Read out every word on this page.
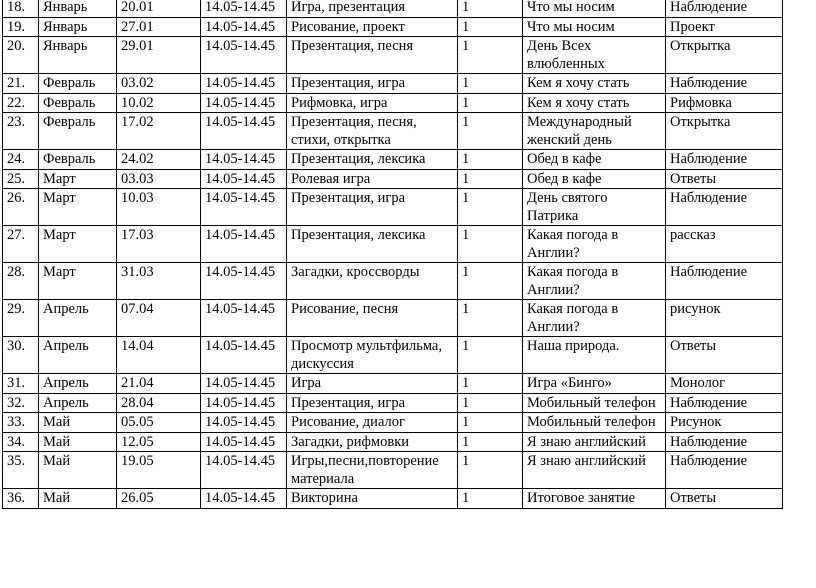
18.	Январь	20.01	14.05-14.45	Игра, презентация	1	Что мы носим	Наблюдение
19.	Январь	27.01	14.05-14.45	Рисование, проект	1	Что мы носим	Проект
20.	Январь	29.01	14.05-14.45	Презентация, песня	1	День Всех влюбленных	Открытка
21.	Февраль	03.02	14.05-14.45	Презентация, игра	1	Кем я хочу стать	Наблюдение
22.	Февраль	10.02	14.05-14.45	Рифмовка, игра	1	Кем я хочу стать	Рифмовка
23.	Февраль	17.02	14.05-14.45	Презентация, песня, стихи, открытка	1	Международный женский день	Открытка
24.	Февраль	24.02	14.05-14.45	Презентация, лексика	1	Обед в кафе	Наблюдение
25.	Март	03.03	14.05-14.45	Ролевая игра	1	Обед в кафе	Ответы
26.	Март	10.03	14.05-14.45	Презентация, игра	1	День святого Патрика	Наблюдение
27.	Март	17.03	14.05-14.45	Презентация, лексика	1	Какая погода в Англии?	рассказ
28.	Март	31.03	14.05-14.45	Загадки, кроссворды	1	Какая погода в Англии?	Наблюдение
29.	Апрель	07.04	14.05-14.45	Рисование, песня	1	Какая погода в Англии?	рисунок
30.	Апрель	14.04	14.05-14.45	Просмотр мультфильма, дискуссия	1	Наша природа.	Ответы
31.	Апрель	21.04	14.05-14.45	Игра	1	Игра «Бинго»	Монолог
32.	Апрель	28.04	14.05-14.45	Презентация, игра	1	Мобильный телефон	Наблюдение
33.	Май	05.05	14.05-14.45	Рисование, диалог	1	Мобильный телефон	Рисунок
34.	Май	12.05	14.05-14.45	Загадки, рифмовки	1	Я знаю английский	Наблюдение
35.	Май	19.05	14.05-14.45	Игры,песни,повторение материала	1	Я знаю английский	Наблюдение
36.	Май	26.05	14.05-14.45	Викторина	1	Итоговое занятие	Ответы
